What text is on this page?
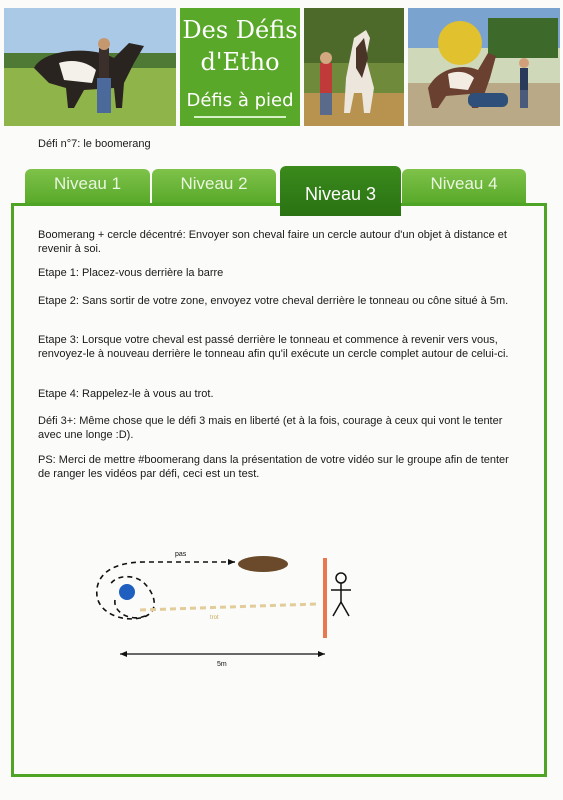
Des Défis
d'Etho
Défis à pied
Défi n°7: le boomerang
Niveau 1	Niveau 2	Niveau 4
Niveau 3
Boomerang + cercle décentré: Envoyer son cheval faire un cercle autour d'un objet à distance et revenir à soi.
Etape 1: Placez-vous derrière la barre
Etape 2: Sans sortir de votre zone, envoyez votre cheval derrière le tonneau ou cône situé à 5m.
Etape 3: Lorsque votre cheval est passé derrière le tonneau et commence à revenir vers vous, renvoyez-le à nouveau derrière le tonneau afin qu'il exécute un cercle complet autour de celui-ci.
Etape 4: Rappelez-le à vous au trot.
Défi 3+: Même chose que le défi 3 mais en liberté (et à la fois, courage à ceux qui vont le tenter avec une longe :D).
PS: Merci de mettre #boomerang dans la présentation de votre vidéo sur le groupe afin de tenter de ranger les vidéos par défi, ceci est un test.
pas
trot
5m
